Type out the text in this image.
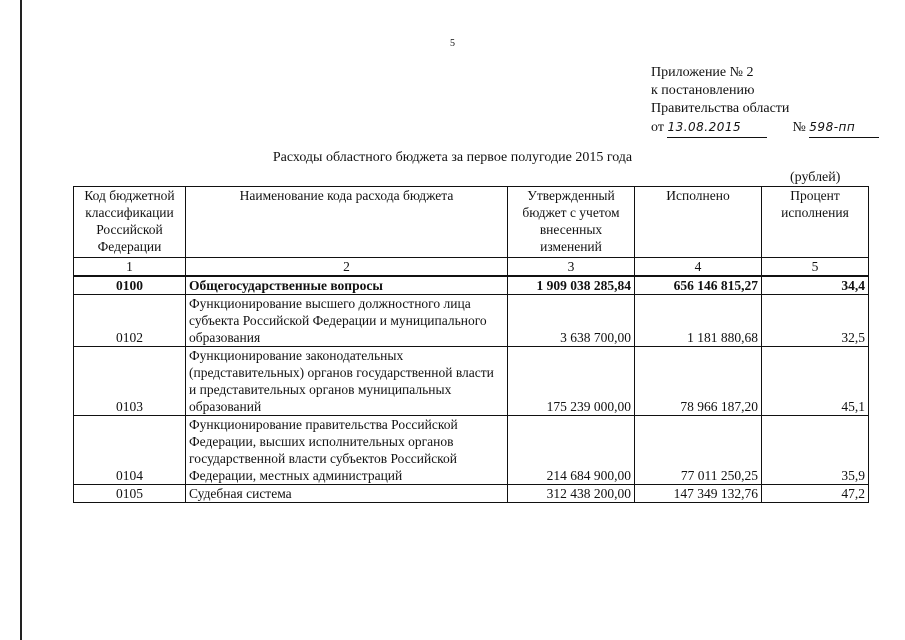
5
Приложение № 2
к постановлению
Правительства области
от 13.08.2015	№ 598-пп
Расходы областного бюджета за первое полугодие 2015 года
(рублей)
Код бюджетной классификации Российской Федерации	Наименование кода расхода бюджета	Утвержденный бюджет с учетом внесенных изменений	Исполнено	Процент исполнения
1	2	3	4	5
0100	Общегосударственные вопросы	1 909 038 285,84	656 146 815,27	34,4
0102	Функционирование высшего должностного лица субъекта Российской Федерации и муниципального образования	3 638 700,00	1 181 880,68	32,5
0103	Функционирование законодательных (представительных) органов государственной власти и представительных органов муниципальных образований	175 239 000,00	78 966 187,20	45,1
0104	Функционирование правительства Российской Федерации, высших исполнительных органов государственной власти субъектов Российской Федерации, местных администраций	214 684 900,00	77 011 250,25	35,9
0105	Судебная система	312 438 200,00	147 349 132,76	47,2
